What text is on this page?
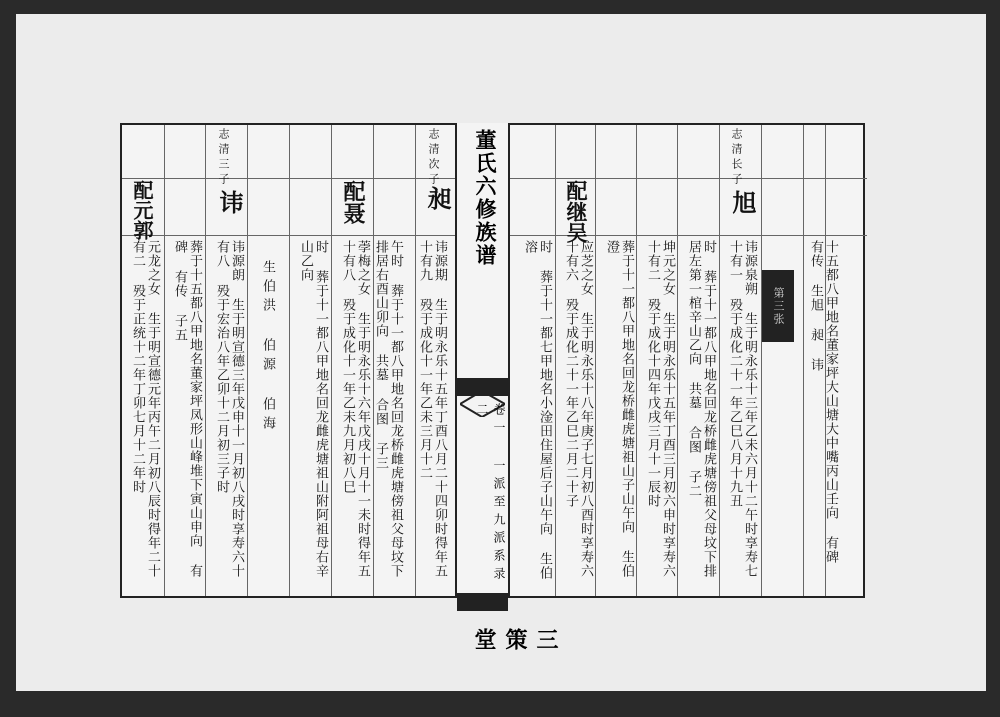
志清次子
昶
讳源期 生于明永乐十五年丁酉八月二十四卯时得年五十有九 殁于成化十一年乙未三月十二
配聂
荸梅之女 生于明永乐十六年戊戌十月十一未时得年五十有八 殁于成化十一年乙未九月初八巳	午时 葬于十一都八甲地名回龙桥雌虎塘傍祖父母坟下排居右酉山卯向 共墓 合图 子三
时 葬于十一都八甲地名回龙雌虎塘祖山附阿祖母右辛山乙向
生伯洪 伯源 伯海
志清三子
讳
讳源朗 生于明宣德三年戊申十一月初八戌时享寿六十有八 殁于宏治八年乙卯十二月初三子时
葬于十五都八甲地名董家坪凤形山峰堆下寅山申向 有碑 有传 子五
配元郭
元龙之女 生于明宣德元年丙午二月初八辰时得年二十有二 殁于正统十二年丁卯七月十二年时
董氏六修族谱
卷一 一派至九派系录 二
三策堂
十五都八甲地名董家坪大山塘大中嘴丙山壬向 有碑 有传 生旭 昶 讳
志清长子
旭
讳源泉朔 生于明永乐十三年乙未六月十二午时享寿七十有一 殁于成化二十一年乙巳八月十九丑
时 葬于十一都八甲地名回龙桥雌虎塘傍祖父母坟下排居左第一棺辛山乙向 共墓 合图 子二
坤元之女 生于明永乐十五年丁酉三月初六申时享寿六十有二 殁于成化十四年戊戌三月十一辰时
配继吴
葬于十一都八甲地名回龙桥雌虎塘祖山子山午向 生伯澄
应芝之女 生于明永乐十八年庚子七月初八酉时享寿六十有六 殁于成化二十一年乙巳二月二十子
时 葬于十一都七甲地名小淦田住屋后子山午向 生伯溶
第三张
